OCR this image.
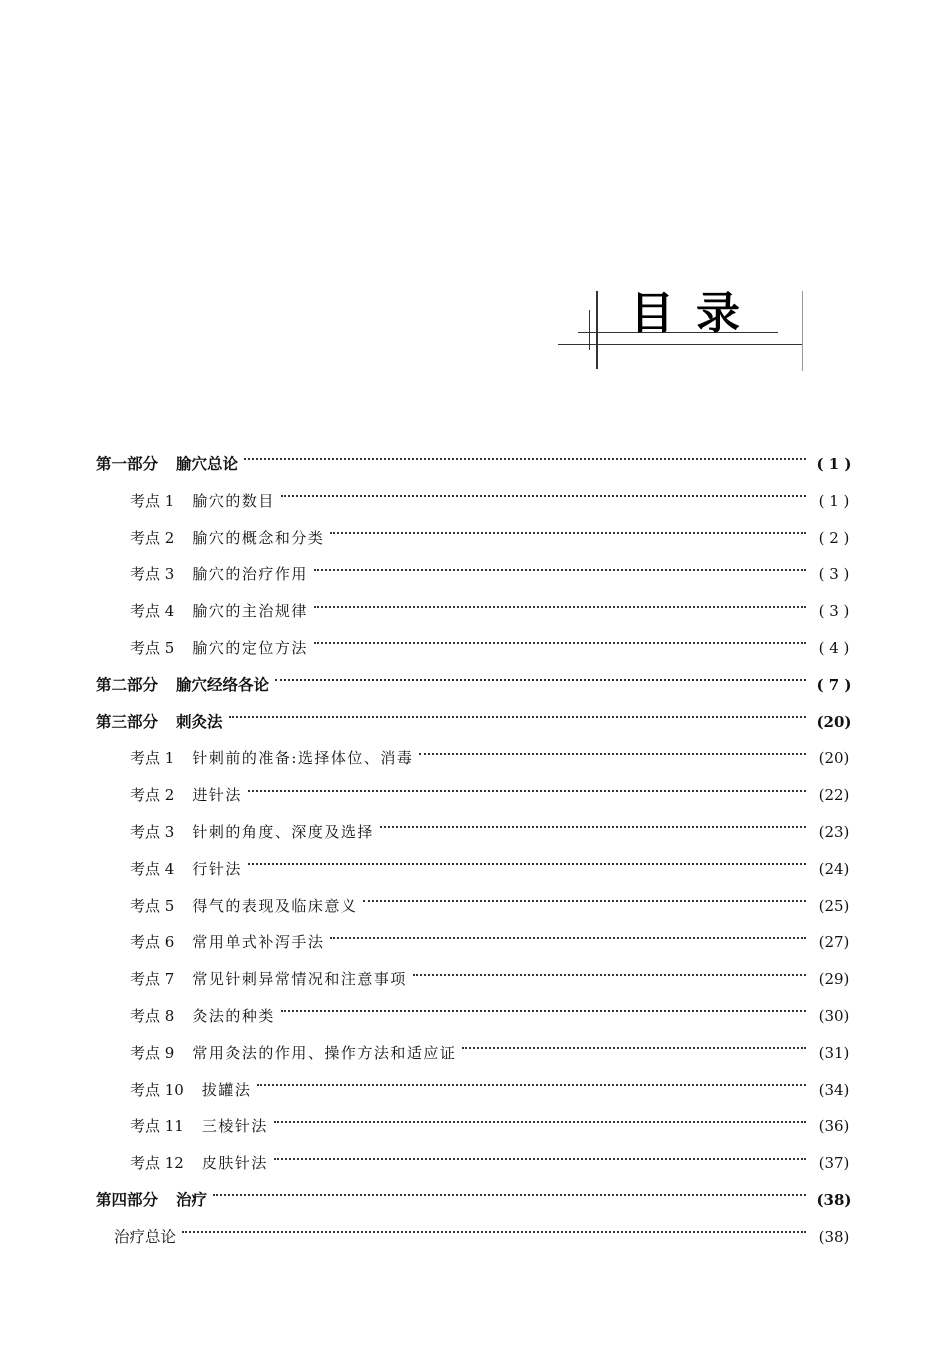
目录
第一部分 腧穴总论	( 1 )
考点 1 腧穴的数目	( 1 )
考点 2 腧穴的概念和分类	( 2 )
考点 3 腧穴的治疗作用	( 3 )
考点 4 腧穴的主治规律	( 3 )
考点 5 腧穴的定位方法	( 4 )
第二部分 腧穴经络各论	( 7 )
第三部分 刺灸法	(20)
考点 1 针刺前的准备:选择体位、消毒	(20)
考点 2 进针法	(22)
考点 3 针刺的角度、深度及选择	(23)
考点 4 行针法	(24)
考点 5 得气的表现及临床意义	(25)
考点 6 常用单式补泻手法	(27)
考点 7 常见针刺异常情况和注意事项	(29)
考点 8 灸法的种类	(30)
考点 9 常用灸法的作用、操作方法和适应证	(31)
考点 10 拔罐法	(34)
考点 11 三棱针法	(36)
考点 12 皮肤针法	(37)
第四部分 治疗	(38)
治疗总论	(38)
